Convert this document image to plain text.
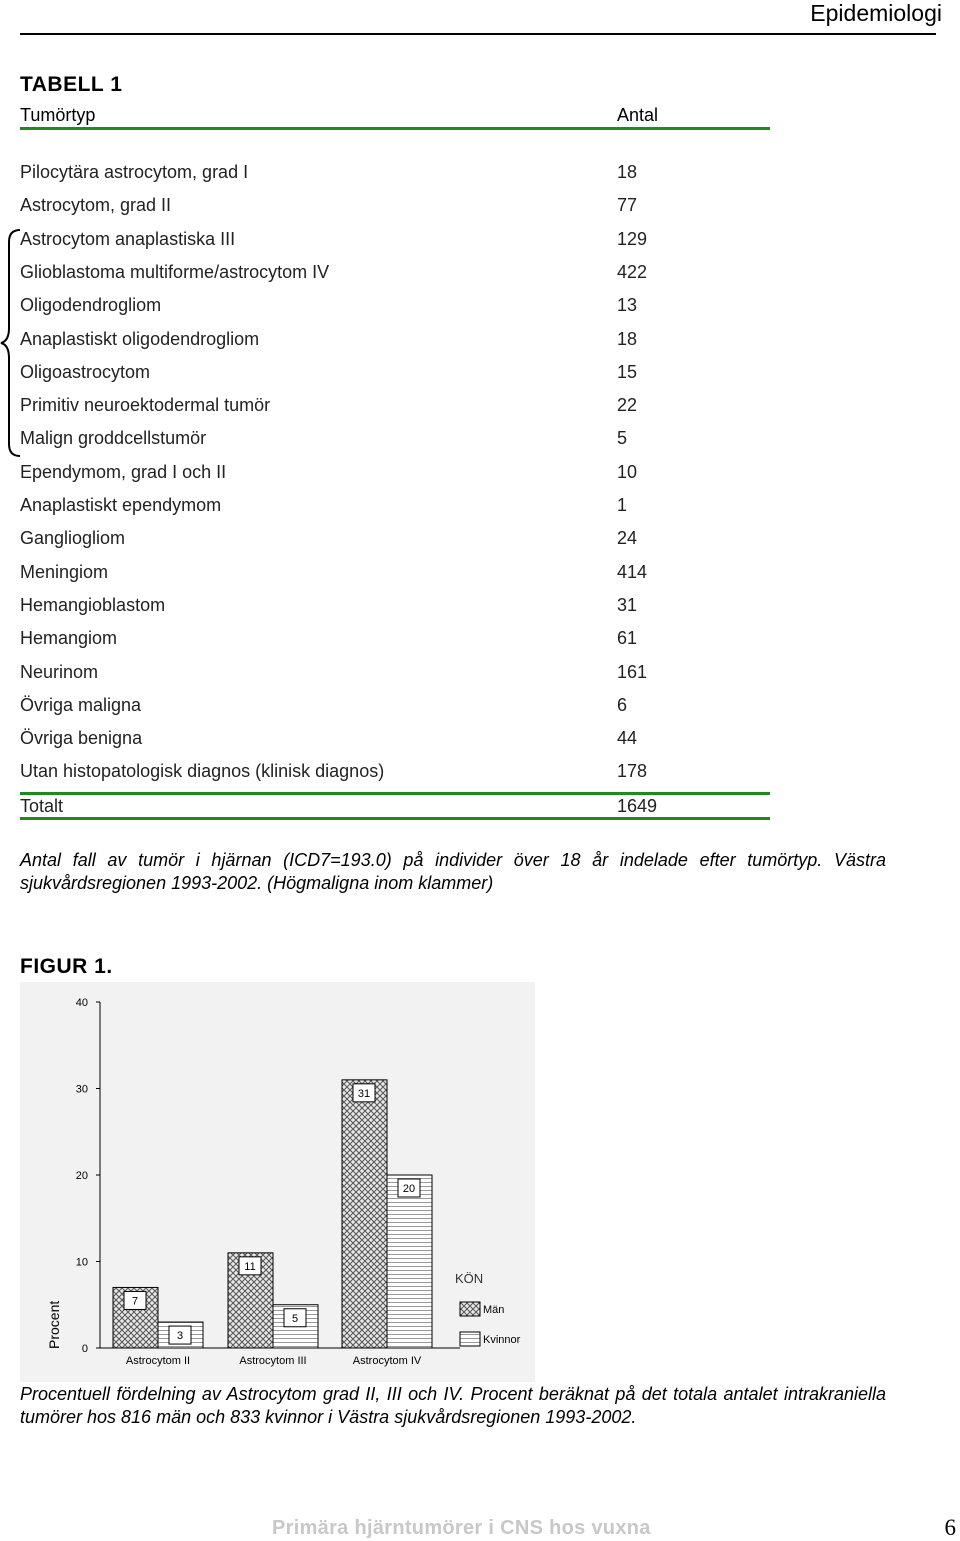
Epidemiologi
TABELL 1
Tumörtyp	Antal
Pilocytära astrocytom, grad I	18
Astrocytom, grad II	77
Astrocytom anaplastiska III	129
Glioblastoma multiforme/astrocytom IV	422
Oligodendrogliom	13
Anaplastiskt oligodendrogliom	18
Oligoastrocytom	15
Primitiv neuroektodermal tumör	22
Malign groddcellstumör	5
Ependymom, grad I och II	10
Anaplastiskt ependymom	1
Gangliogliom	24
Meningiom	414
Hemangioblastom	31
Hemangiom	61
Neurinom	161
Övriga maligna	6
Övriga benigna	44
Utan histopatologisk diagnos (klinisk diagnos)	178
Totalt	1649
Antal fall av tumör i hjärnan (ICD7=193.0) på individer över 18 år indelade efter tumörtyp. Västra sjukvårdsregionen 1993-2002. (Högmaligna inom klammer)
FIGUR 1.
0
10
20
30
40
Procent	7
3
Astrocytom II
11
5
Astrocytom III
31
20
Astrocytom IV
KÖN
Män
Kvinnor
Procentuell fördelning av Astrocytom grad II, III och IV. Procent beräknat på det totala antalet intrakraniella tumörer hos 816 män och 833 kvinnor i Västra sjukvårdsregionen 1993-2002.
Primära hjärntumörer i CNS hos vuxna	6
